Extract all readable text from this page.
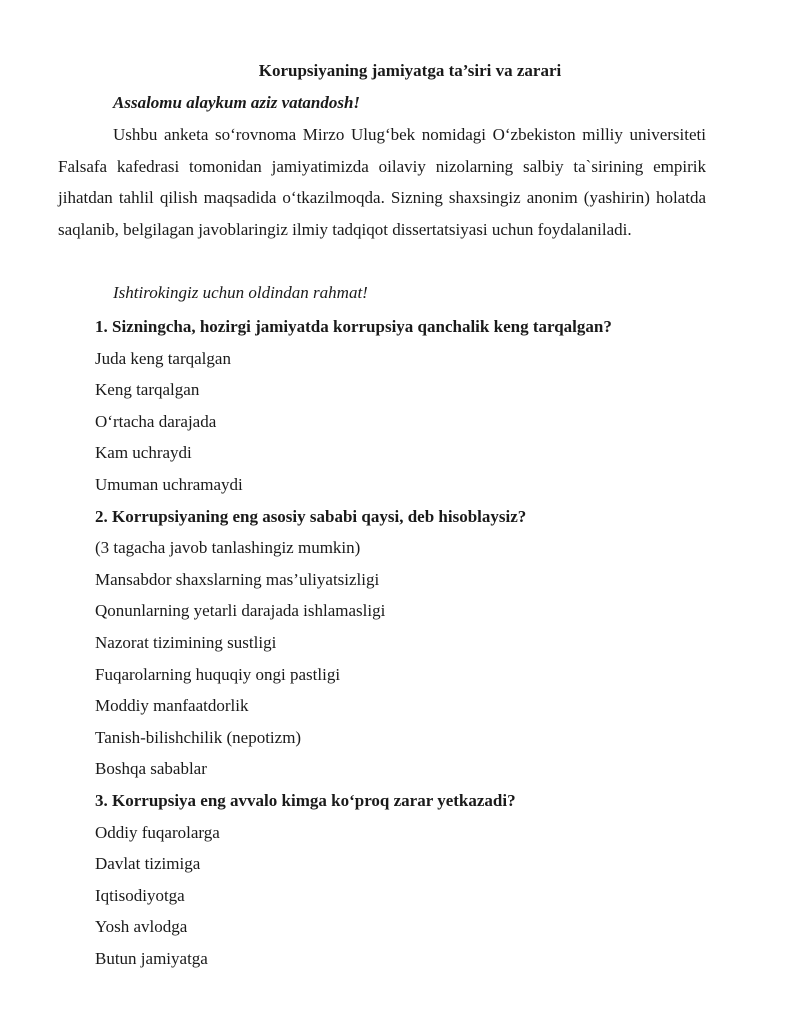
Korupsiyaning jamiyatga ta’siri va zarari

Assalomu alaykum aziz vatandosh!

Ushbu anketa so‘rovnoma Mirzo Ulug‘bek nomidagi O‘zbekiston milliy universiteti Falsafa kafedrasi tomonidan jamiyatimizda oilaviy nizolarning salbiy ta`sirining empirik jihatdan tahlil qilish maqsadida o‘tkazilmoqda. Sizning shaxsingiz anonim (yashirin) holatda saqlanib, belgilagan javoblaringiz ilmiy tadqiqot dissertatsiyasi uchun foydalaniladi.

Ishtirokingiz uchun oldindan rahmat!

1. Sizningcha, hozirgi jamiyatda korrupsiya qanchalik keng tarqalgan?
Juda keng tarqalgan
Keng tarqalgan
O‘rtacha darajada
Kam uchraydi
Umuman uchramaydi
2. Korrupsiyaning eng asosiy sababi qaysi, deb hisoblaysiz?
(3 tagacha javob tanlashingiz mumkin)
Mansabdor shaxslarning mas’uliyatsizligi
Qonunlarning yetarli darajada ishlamasligi
Nazorat tizimining sustligi
Fuqarolarning huquqiy ongi pastligi
Moddiy manfaatdorlik
Tanish-bilishchilik (nepotizm)
Boshqa sabablar
3. Korrupsiya eng avvalo kimga ko‘proq zarar yetkazadi?
Oddiy fuqarolarga
Davlat tizimiga
Iqtisodiyotga
Yosh avlodga
Butun jamiyatga
